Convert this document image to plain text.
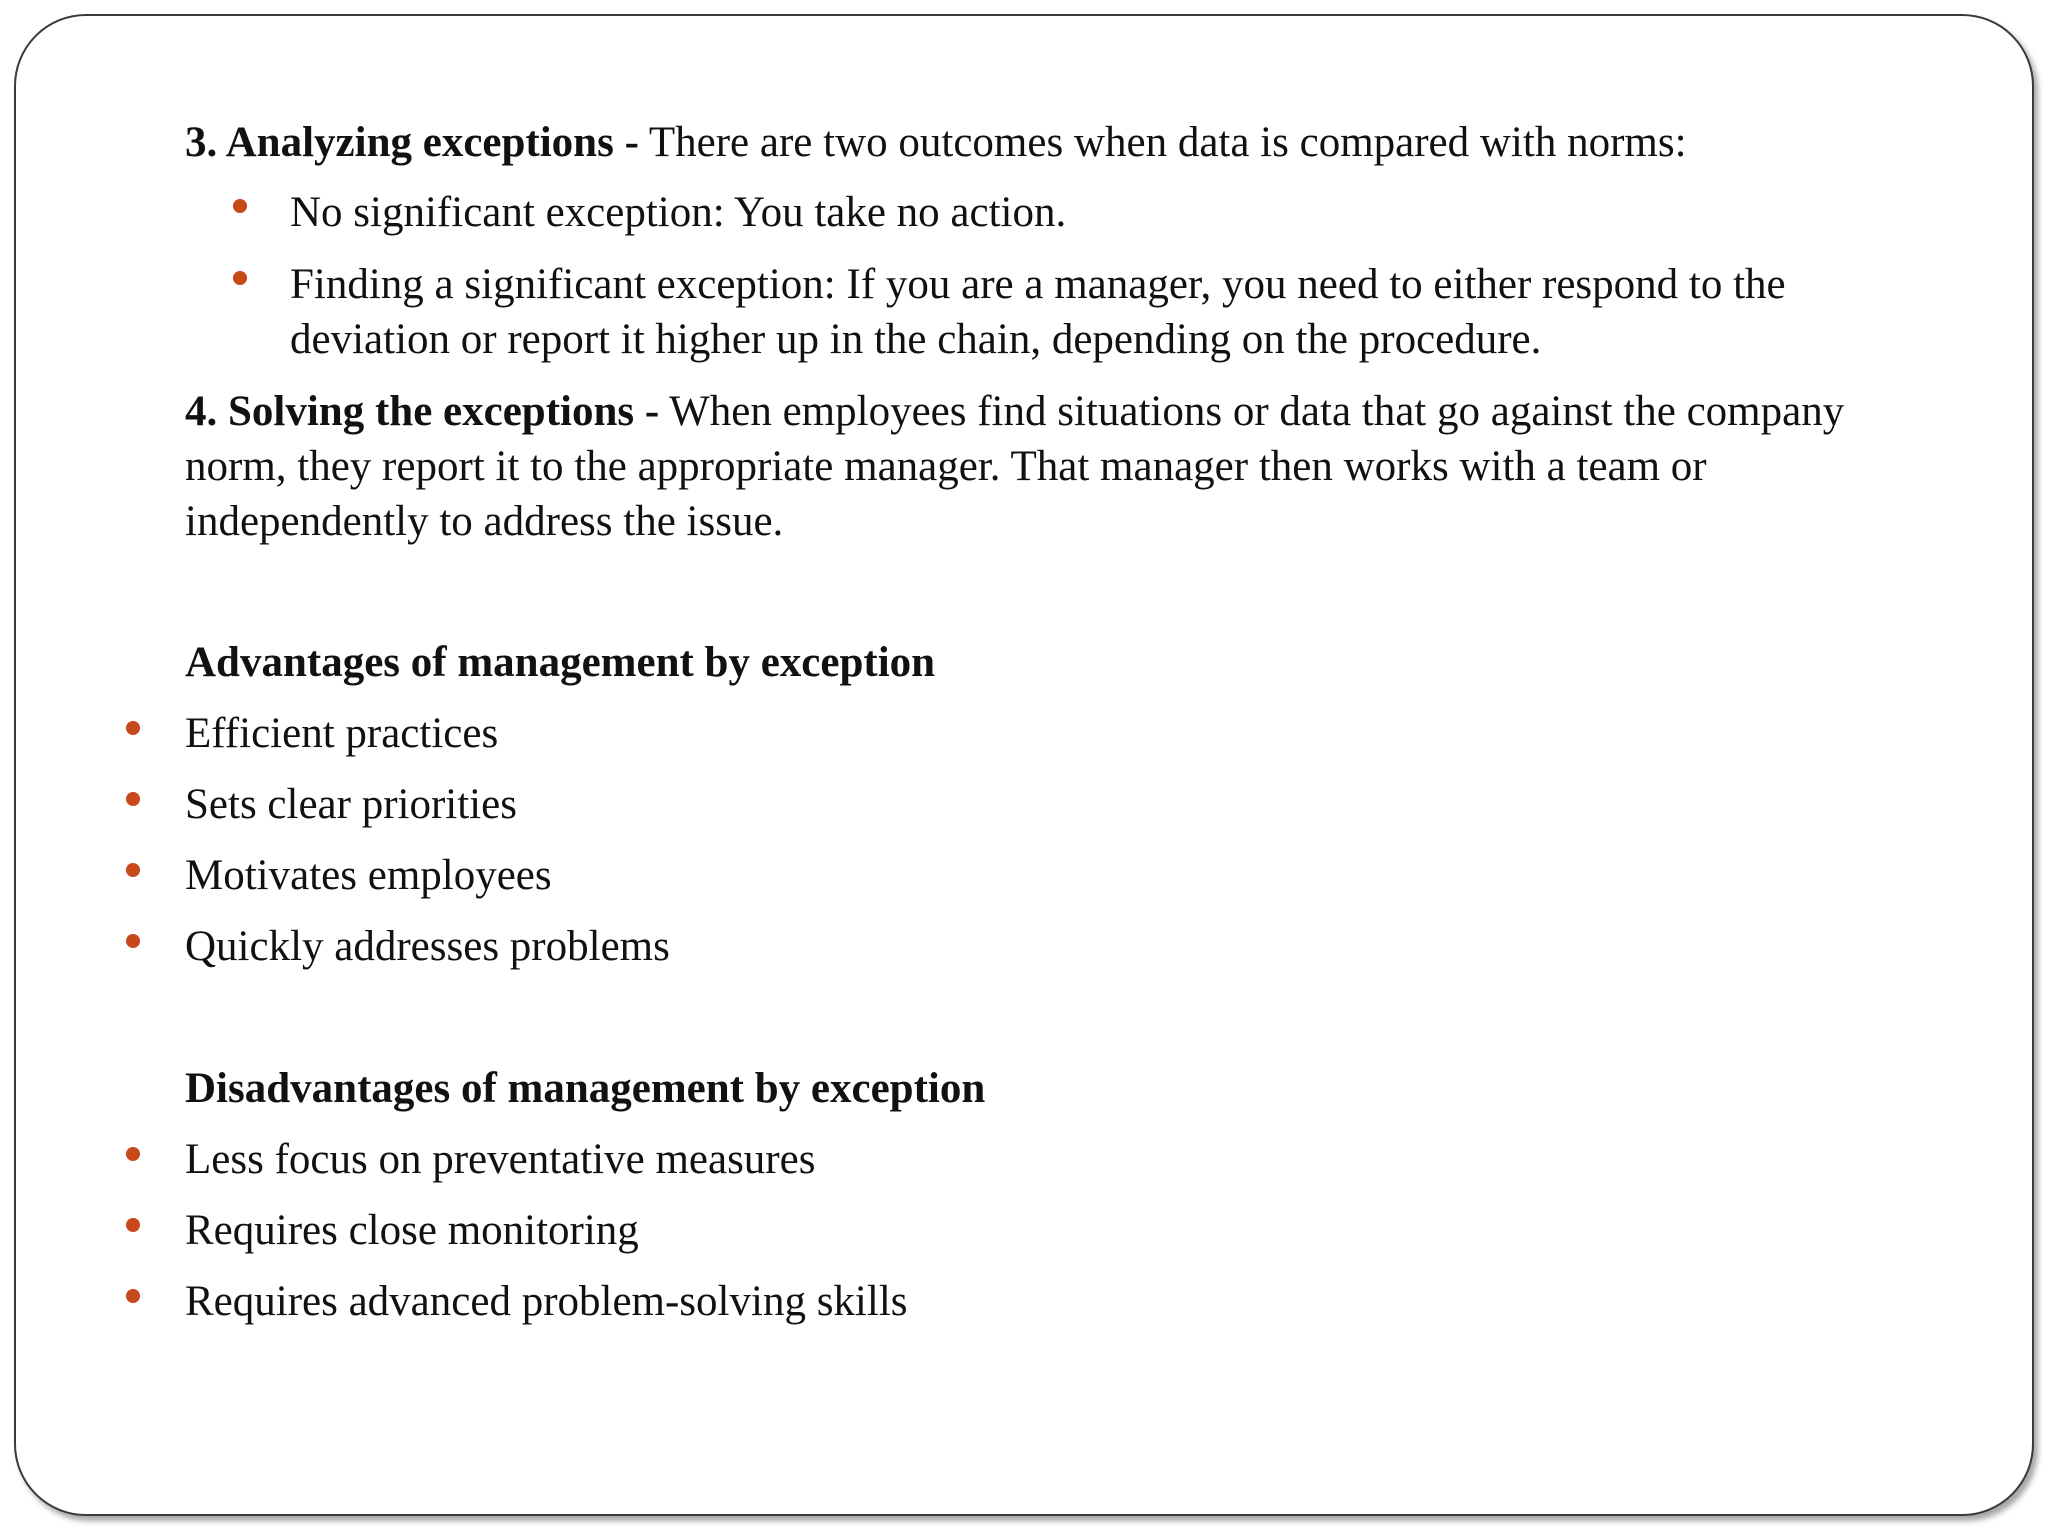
3. Analyzing exceptions - There are two outcomes when data is compared with norms:

No significant exception: You take no action.

Finding a significant exception: If you are a manager, you need to either respond to the deviation or report it higher up in the chain, depending on the procedure.

4. Solving the exceptions - When employees find situations or data that go against the company norm, they report it to the appropriate manager. That manager then works with a team or independently to address the issue.

Advantages of management by exception

Efficient practices

Sets clear priorities

Motivates employees

Quickly addresses problems

Disadvantages of management by exception

Less focus on preventative measures

Requires close monitoring

Requires advanced problem-solving skills
